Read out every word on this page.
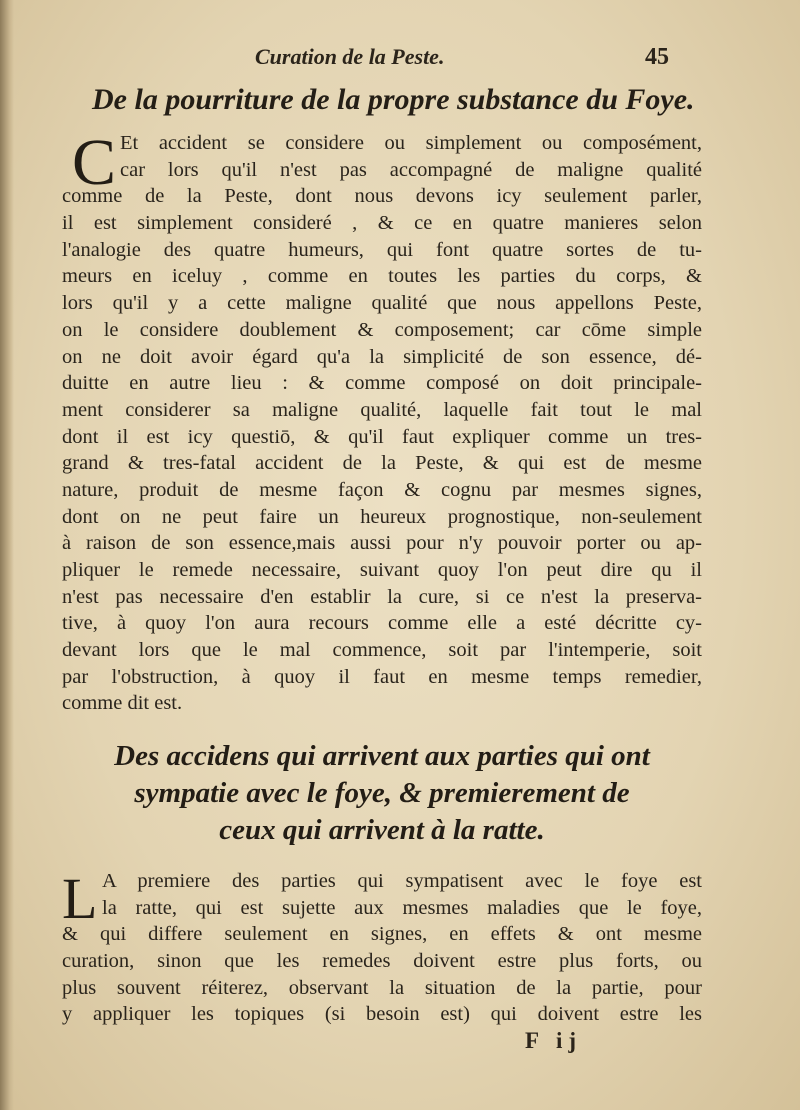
Curation de la Peste.	45
De la pourriture de la propre substance du Foye.
C Et accident se considere ou simplement ou composément,
car lors qu'il n'est pas accompagné de maligne qualité
comme de la Peste, dont nous devons icy seulement parler,
il est simplement consideré , & ce en quatre manieres selon
l'analogie des quatre humeurs, qui font quatre sortes de tu-
meurs en iceluy , comme en toutes les parties du corps, &
lors qu'il y a cette maligne qualité que nous appellons Peste,
on le considere doublement & composement; car cōme simple
on ne doit avoir égard qu'a la simplicité de son essence, dé-
duitte en autre lieu : & comme composé on doit principale-
ment considerer sa maligne qualité, laquelle fait tout le mal
dont il est icy questiō, & qu'il faut expliquer comme un tres-
grand & tres-fatal accident de la Peste, & qui est de mesme
nature, produit de mesme façon & cognu par mesmes signes,
dont on ne peut faire un heureux prognostique, non-seulement
à raison de son essence,mais aussi pour n'y pouvoir porter ou ap-
pliquer le remede necessaire, suivant quoy l'on peut dire qu il
n'est pas necessaire d'en establir la cure, si ce n'est la preserva-
tive, à quoy l'on aura recours comme elle a esté décritte cy-
devant lors que le mal commence, soit par l'intemperie, soit
par l'obstruction, à quoy il faut en mesme temps remedier,
comme dit est.
Des accidens qui arrivent aux parties qui ont
sympatie avec le foye, & premierement de
ceux qui arrivent à la ratte.
L A premiere des parties qui sympatisent avec le foye est
la ratte, qui est sujette aux mesmes maladies que le foye,
& qui differe seulement en signes, en effets & ont mesme
curation, sinon que les remedes doivent estre plus forts, ou
plus souvent réiterez, observant la situation de la partie, pour
y appliquer les topiques (si besoin est) qui doivent estre les
F ij
